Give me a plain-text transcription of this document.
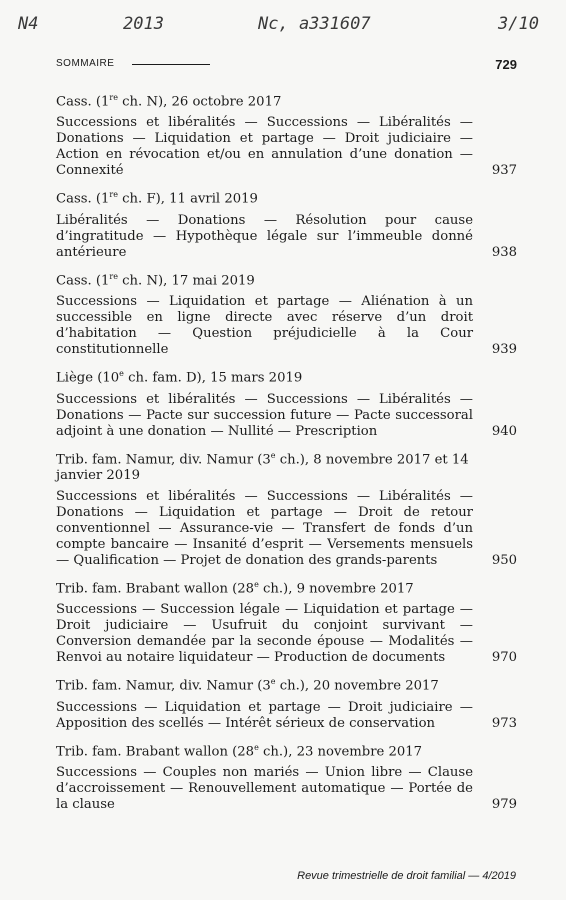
N4	2013	Nc, a331607	3/10
SOMMAIRE	729
Cass. (1re ch. N), 26 octobre 2017
Successions et libéralités — Successions — Libéralités — Donations — Liquidation et partage — Droit judiciaire — Action en révocation et/ou en annulation d’une donation — Connexité	937
Cass. (1re ch. F), 11 avril 2019
Libéralités — Donations — Résolution pour cause d’ingratitude — Hypothèque légale sur l’immeuble donné antérieure	938
Cass. (1re ch. N), 17 mai 2019
Successions — Liquidation et partage — Aliénation à un successible en ligne directe avec réserve d’un droit d’habitation — Question préjudicielle à la Cour constitutionnelle	939
Liège (10e ch. fam. D), 15 mars 2019
Successions et libéralités — Successions — Libéralités — Donations — Pacte sur succession future — Pacte successoral adjoint à une donation — Nullité — Prescription	940
Trib. fam. Namur, div. Namur (3e ch.), 8 novembre 2017 et 14 janvier 2019
Successions et libéralités — Successions — Libéralités — Donations — Liquidation et partage — Droit de retour conventionnel — Assurance-vie — Transfert de fonds d’un compte bancaire — Insanité d’esprit — Versements mensuels — Qualification — Projet de donation des grands-parents	950
Trib. fam. Brabant wallon (28e ch.), 9 novembre 2017
Successions — Succession légale — Liquidation et partage — Droit judiciaire — Usufruit du conjoint survivant — Conversion demandée par la seconde épouse — Modalités — Renvoi au notaire liquidateur — Production de documents	970
Trib. fam. Namur, div. Namur (3e ch.), 20 novembre 2017
Successions — Liquidation et partage — Droit judiciaire — Apposition des scellés — Intérêt sérieux de conservation	973
Trib. fam. Brabant wallon (28e ch.), 23 novembre 2017
Successions — Couples non mariés — Union libre — Clause d’accroissement — Renouvellement automatique — Portée de la clause	979
Revue trimestrielle de droit familial — 4/2019
